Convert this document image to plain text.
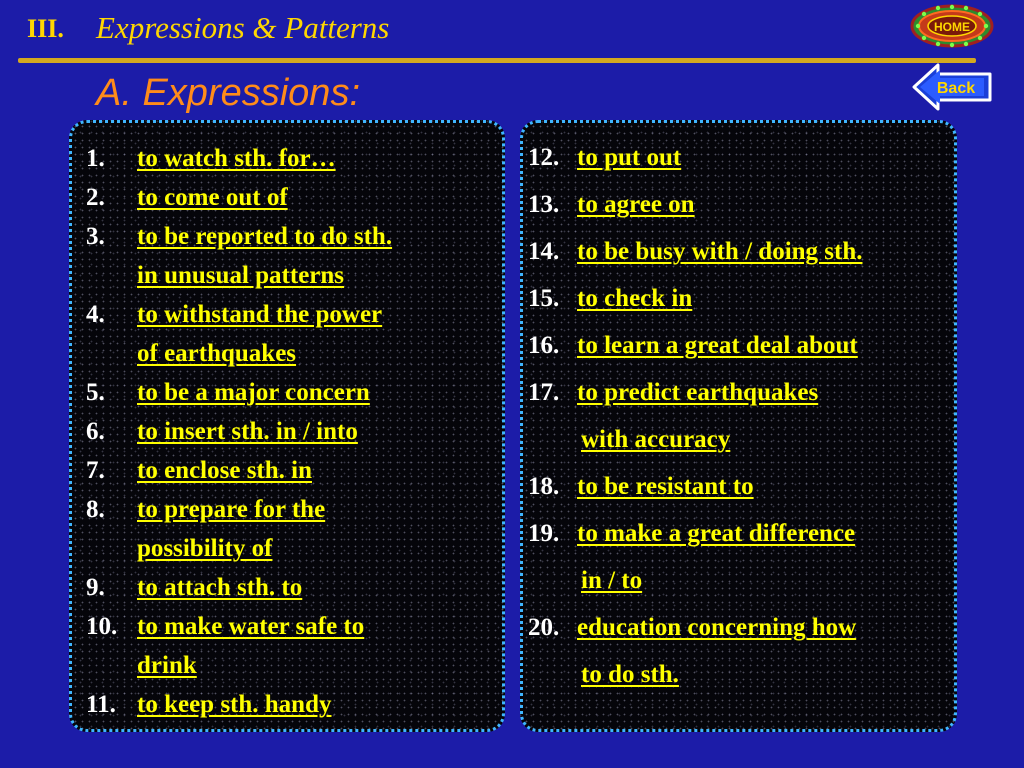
III. Expressions & Patterns
A. Expressions:
HOME
Back
1.	to watch sth. for…
2.	to come out of
3.	to be reported to do sth.
in unusual patterns
4.	to withstand the power
of earthquakes
5.	to be a major concern
6.	to insert sth. in / into
7.	to enclose sth. in
8.	to prepare for the
possibility of
9.	to attach sth. to
10. to make water safe to
drink
11. to keep sth. handy
12. to put out
13. to agree on
14. to be busy with / doing sth.
15. to check in
16. to learn a great deal about
17. to predict earthquakes
with accuracy
18. to be resistant to
19. to make a great difference
in / to
20. education concerning how
to do sth.
